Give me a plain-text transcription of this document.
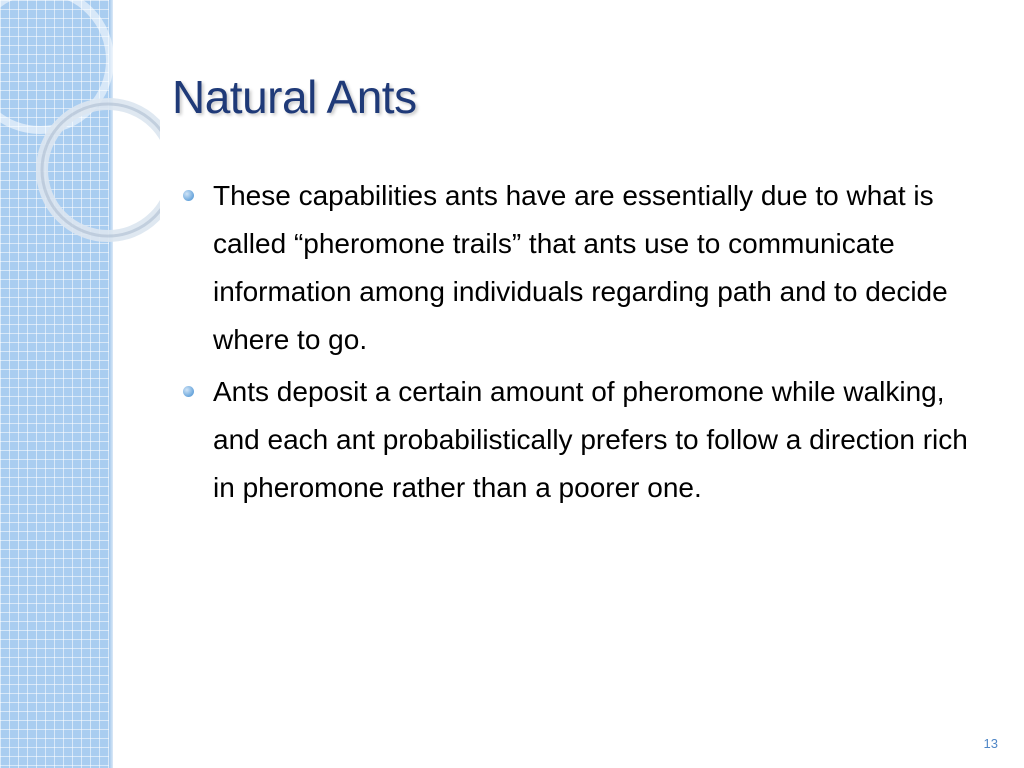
Natural Ants
These capabilities ants have are essentially due to what is called “pheromone trails” that ants use to communicate information among individuals regarding path and to decide where to go.
Ants deposit a certain amount of pheromone while walking, and each ant probabilistically prefers to follow a direction rich in pheromone rather than a poorer one.
13
